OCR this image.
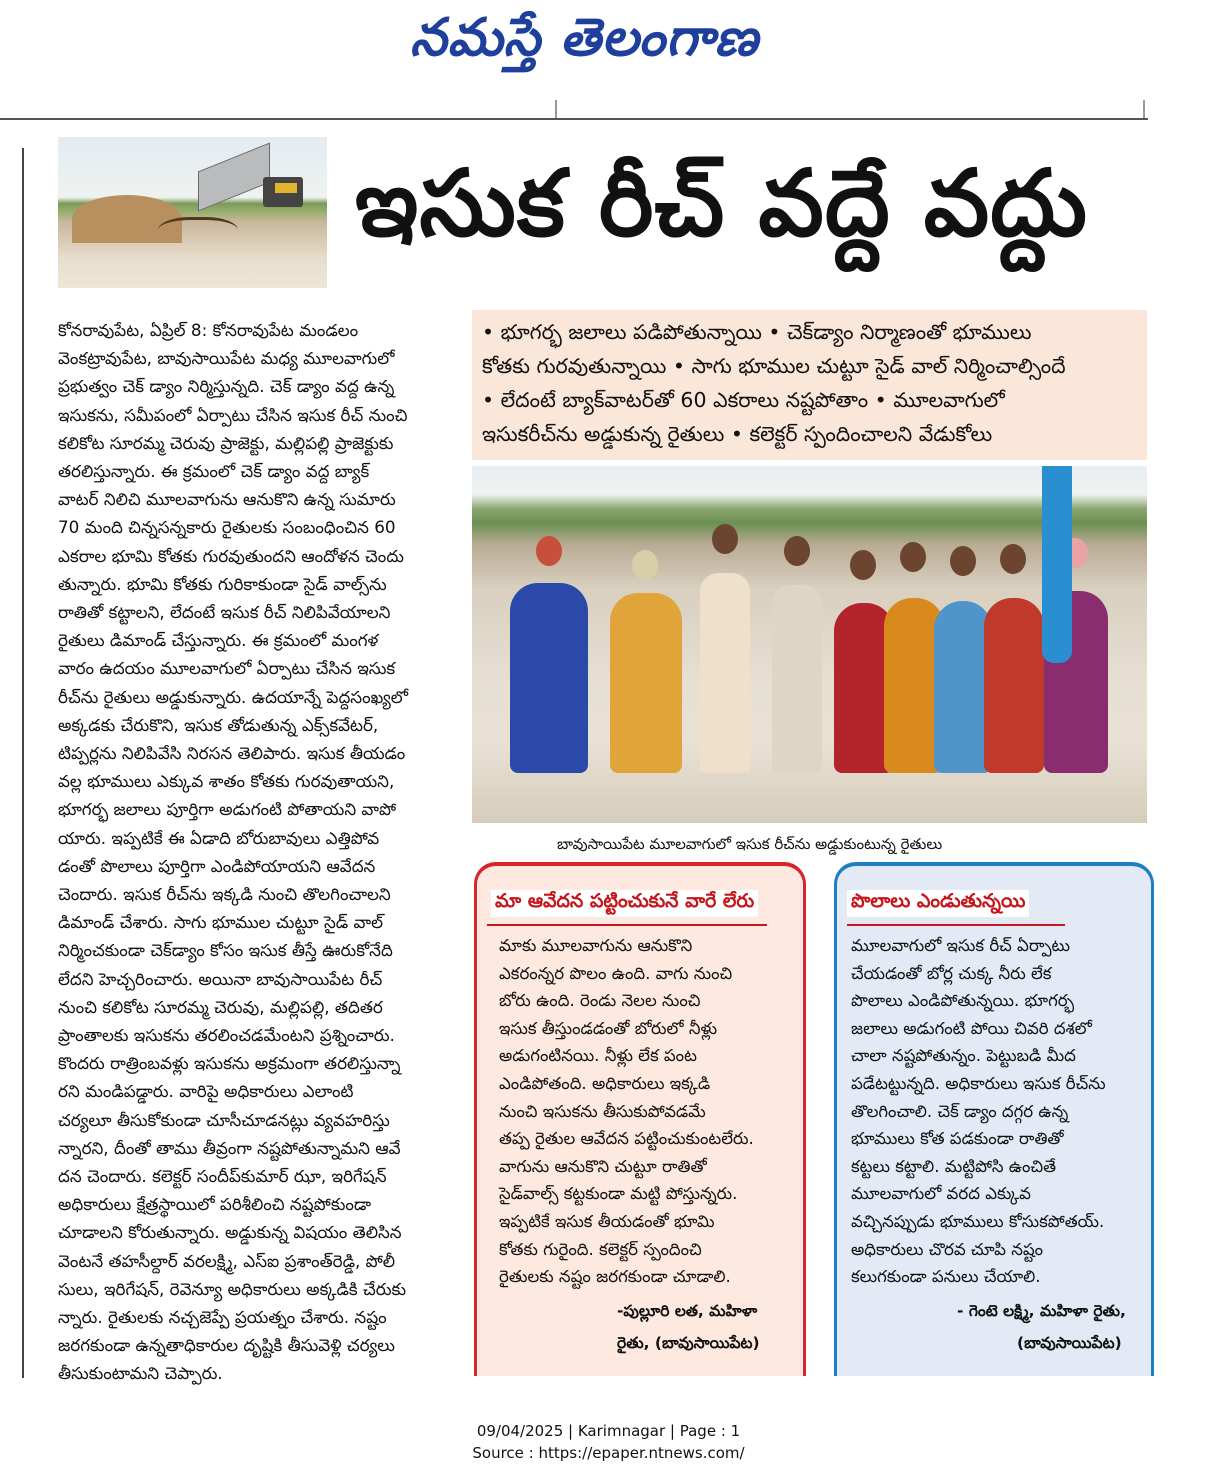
నమస్తే తెలంగాణ
ఇసుక రీచ్ వద్దే వద్దు
• భూగర్భ జలాలు పడిపోతున్నాయి • చెక్‌డ్యాం నిర్మాణంతో భూములు
కోతకు గురవుతున్నాయి • సాగు భూముల చుట్టూ సైడ్ వాల్ నిర్మించాల్సిందే
• లేదంటే బ్యాక్‌వాటర్‌తో 60 ఎకరాలు నష్టపోతాం • మూలవాగులో
ఇసుకరీచ్‌ను అడ్డుకున్న రైతులు • కలెక్టర్ స్పందించాలని వేడుకోలు
బావుసాయిపేట మూలవాగులో ఇసుక రీచ్‌ను అడ్డుకుంటున్న రైతులు
కోనరావుపేట, ఏప్రిల్ 8: కోనరావుపేట మండలం
వెంకట్రావుపేట, బావుసాయిపేట మధ్య మూలవాగులో
ప్రభుత్వం చెక్ డ్యాం నిర్మిస్తున్నది. చెక్ డ్యాం వద్ద ఉన్న
ఇసుకను, సమీపంలో ఏర్పాటు చేసిన ఇసుక రీచ్ నుంచి
కలికోట సూరమ్మ చెరువు ప్రాజెక్టు, మల్లిపల్లి ప్రాజెక్టుకు
తరలిస్తున్నారు. ఈ క్రమంలో చెక్ డ్యాం వద్ద బ్యాక్
వాటర్ నిలిచి మూలవాగును ఆనుకొని ఉన్న సుమారు
70 మంది చిన్నసన్నకారు రైతులకు సంబంధించిన 60
ఎకరాల భూమి కోతకు గురవుతుందని ఆందోళన చెందు
తున్నారు. భూమి కోతకు గురికాకుండా సైడ్ వాల్స్‌ను
రాతితో కట్టాలని, లేదంటే ఇసుక రీచ్ నిలిపివేయాలని
రైతులు డిమాండ్ చేస్తున్నారు. ఈ క్రమంలో మంగళ
వారం ఉదయం మూలవాగులో ఏర్పాటు చేసిన ఇసుక
రీచ్‌ను రైతులు అడ్డుకున్నారు. ఉదయాన్నే పెద్దసంఖ్యలో
అక్కడకు చేరుకొని, ఇసుక తోడుతున్న ఎక్స్‌కవేటర్,
టిప్పర్లను నిలిపివేసి నిరసన తెలిపారు. ఇసుక తీయడం
వల్ల భూములు ఎక్కువ శాతం కోతకు గురవుతాయని,
భూగర్భ జలాలు పూర్తిగా అడుగంటి పోతాయని వాపో
యారు. ఇప్పటికే ఈ ఏడాది బోరుబావులు ఎత్తిపోవ
డంతో పొలాలు పూర్తిగా ఎండిపోయాయని ఆవేదన
చెందారు. ఇసుక రీచ్‌ను ఇక్కడి నుంచి తొలగించాలని
డిమాండ్ చేశారు. సాగు భూముల చుట్టూ సైడ్ వాల్
నిర్మించకుండా చెక్‌డ్యాం కోసం ఇసుక తీస్తే ఊరుకోనేది
లేదని హెచ్చరించారు. అయినా బావుసాయిపేట రీచ్
నుంచి కలికోట సూరమ్మ చెరువు, మల్లిపల్లి, తదితర
ప్రాంతాలకు ఇసుకను తరలించడమేంటని ప్రశ్నించారు.
కొందరు రాత్రింబవళ్లు ఇసుకను అక్రమంగా తరలిస్తున్నా
రని మండిపడ్డారు. వారిపై అధికారులు ఎలాంటి
చర్యలూ తీసుకోకుండా చూసీచూడనట్లు వ్యవహరిస్తు
న్నారని, దీంతో తాము తీవ్రంగా నష్టపోతున్నామని ఆవే
దన చెందారు. కలెక్టర్ సందీప్‌కుమార్ ఝా, ఇరిగేషన్
అధికారులు క్షేత్రస్థాయిలో పరిశీలించి నష్టపోకుండా
చూడాలని కోరుతున్నారు. అడ్డుకున్న విషయం తెలిసిన
వెంటనే తహసీల్దార్ వరలక్ష్మి, ఎస్ఐ ప్రశాంత్‌రెడ్డి, పోలీ
సులు, ఇరిగేషన్, రెవెన్యూ అధికారులు అక్కడికి చేరుకు
న్నారు. రైతులకు నచ్చజెప్పే ప్రయత్నం చేశారు. నష్టం
జరగకుండా ఉన్నతాధికారుల దృష్టికి తీసువెళ్లి చర్యలు
తీసుకుంటామని చెప్పారు.
మా ఆవేదన పట్టించుకునే వారే లేరు
మాకు మూలవాగును ఆనుకొని
ఎకరంన్నర పొలం ఉంది. వాగు నుంచి
బోరు ఉంది. రెండు నెలల నుంచి
ఇసుక తీస్తుండడంతో బోరులో నీళ్లు
అడుగంటినయి. నీళ్లు లేక పంట
ఎండిపోతంది. అధికారులు ఇక్కడి
నుంచి ఇసుకను తీసుకుపోవడమే
తప్ప రైతుల ఆవేదన పట్టించుకుంటలేరు.
వాగును ఆనుకొని చుట్టూ రాతితో
సైడ్‌వాల్స్ కట్టకుండా మట్టి పోస్తున్నరు.
ఇప్పటికే ఇసుక తీయడంతో భూమి
కోతకు గురైంది. కలెక్టర్ స్పందించి
రైతులకు నష్టం జరగకుండా చూడాలి.
-పుల్లూరి లత, మహిళా
రైతు, (బావుసాయిపేట)
పొలాలు ఎండుతున్నయి
మూలవాగులో ఇసుక రీచ్ ఏర్పాటు
చేయడంతో బోర్ల చుక్క నీరు లేక
పొలాలు ఎండిపోతున్నయి. భూగర్భ
జలాలు అడుగంటి పోయి చివరి దశలో
చాలా నష్టపోతున్నం. పెట్టుబడి మీద
పడేటట్టున్నది. అధికారులు ఇసుక రీచ్‌ను
తొలగించాలి. చెక్ డ్యాం దగ్గర ఉన్న
భూములు కోత పడకుండా రాతితో
కట్టలు కట్టాలి. మట్టిపోసి ఉంచితే
మూలవాగులో వరద ఎక్కువ
వచ్చినప్పుడు భూములు కోసుకపోతయ్.
అధికారులు చొరవ చూపి నష్టం
కలుగకుండా పనులు చేయాలి.
- గెంటె లక్ష్మి, మహిళా రైతు,
(బావుసాయిపేట)
09/04/2025 | Karimnagar | Page : 1
Source : https://epaper.ntnews.com/
